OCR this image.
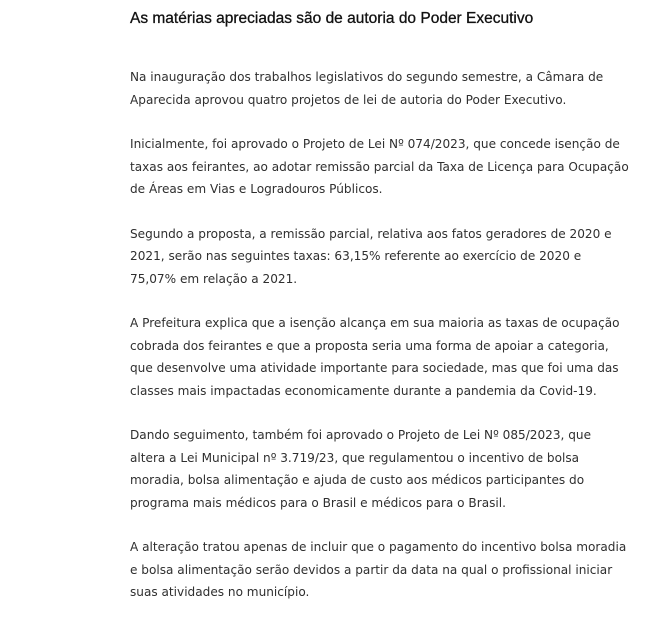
As matérias apreciadas são de autoria do Poder Executivo

Na inauguração dos trabalhos legislativos do segundo semestre, a Câmara de Aparecida aprovou quatro projetos de lei de autoria do Poder Executivo.

Inicialmente, foi aprovado o Projeto de Lei Nº 074/2023, que concede isenção de taxas aos feirantes, ao adotar remissão parcial da Taxa de Licença para Ocupação de Áreas em Vias e Logradouros Públicos.

Segundo a proposta, a remissão parcial, relativa aos fatos geradores de 2020 e 2021, serão nas seguintes taxas: 63,15% referente ao exercício de 2020 e 75,07% em relação a 2021.

A Prefeitura explica que a isenção alcança em sua maioria as taxas de ocupação cobrada dos feirantes e que a proposta seria uma forma de apoiar a categoria, que desenvolve uma atividade importante para sociedade, mas que foi uma das classes mais impactadas economicamente durante a pandemia da Covid-19.

Dando seguimento, também foi aprovado o Projeto de Lei Nº 085/2023, que altera a Lei Municipal nº 3.719/23, que regulamentou o incentivo de bolsa moradia, bolsa alimentação e ajuda de custo aos médicos participantes do programa mais médicos para o Brasil e médicos para o Brasil.

A alteração tratou apenas de incluir que o pagamento do incentivo bolsa moradia e bolsa alimentação serão devidos a partir da data na qual o profissional iniciar suas atividades no município.
